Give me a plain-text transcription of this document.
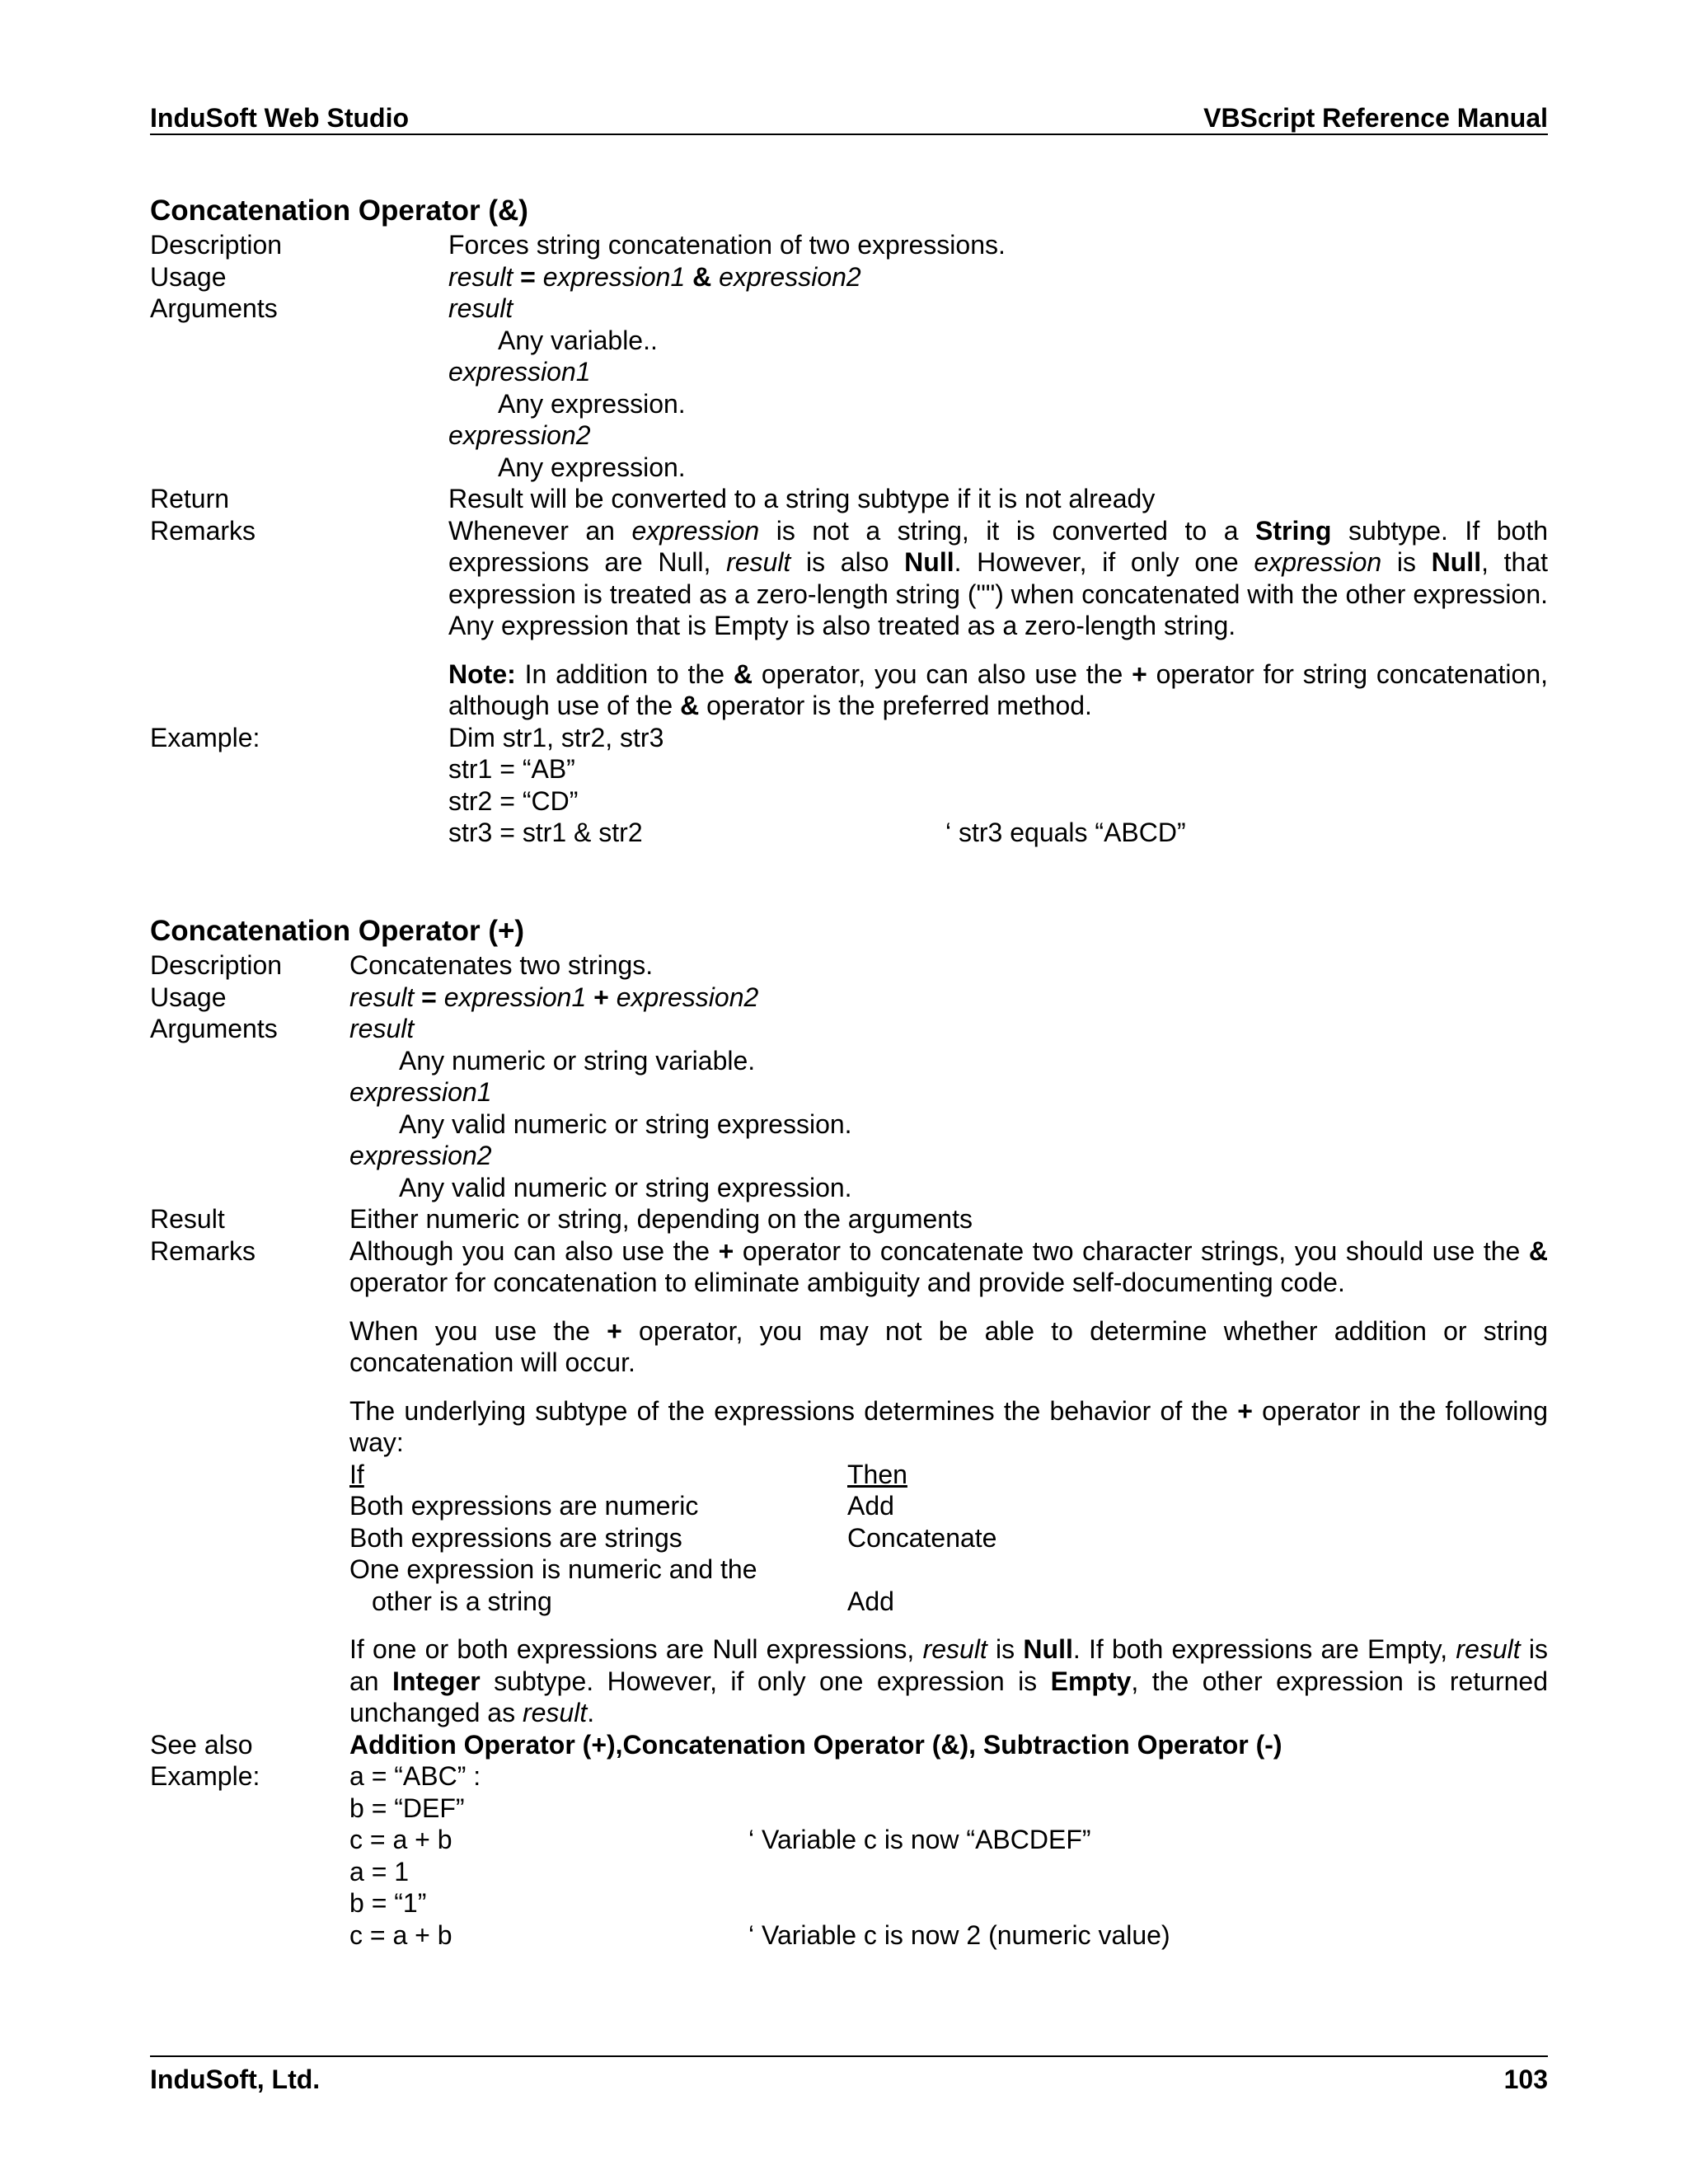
InduSoft Web Studio	VBScript Reference Manual
Concatenation Operator (&)
Description	Forces string concatenation of two expressions.
Usage	result = expression1 & expression2
Arguments	result
Any variable..
expression1
Any expression.
expression2
Any expression.
Return	Result will be converted to a string subtype if it is not already
Remarks	Whenever an expression is not a string, it is converted to a String subtype. If both expressions are Null, result is also Null. However, if only one expression is Null, that expression is treated as a zero-length string ("") when concatenated with the other expression. Any expression that is Empty is also treated as a zero-length string.
Note: In addition to the & operator, you can also use the + operator for string concatenation, although use of the & operator is the preferred method.
Example:	Dim str1, str2, str3
str1 = “AB”
str2 = “CD”
str3 = str1 & str2	‘ str3 equals “ABCD”
Concatenation Operator (+)
Description	Concatenates two strings.
Usage	result = expression1 + expression2
Arguments	result
Any numeric or string variable.
expression1
Any valid numeric or string expression.
expression2
Any valid numeric or string expression.
Result	Either numeric or string, depending on the arguments
Remarks	Although you can also use the + operator to concatenate two character strings, you should use the & operator for concatenation to eliminate ambiguity and provide self-documenting code.
When you use the + operator, you may not be able to determine whether addition or string concatenation will occur.
The underlying subtype of the expressions determines the behavior of the + operator in the following way:
If	Then
Both expressions are numeric	Add
Both expressions are strings	Concatenate
One expression is numeric and the
other is a string	Add
If one or both expressions are Null expressions, result is Null. If both expressions are Empty, result is an Integer subtype. However, if only one expression is Empty, the other expression is returned unchanged as result.
See also	Addition Operator (+),Concatenation Operator (&), Subtraction Operator (-)
Example:	a = “ABC” :
b = “DEF”
c = a + b	‘ Variable c is now “ABCDEF”
a = 1
b = “1”
c = a + b	‘ Variable c is now 2 (numeric value)
InduSoft, Ltd.	103
